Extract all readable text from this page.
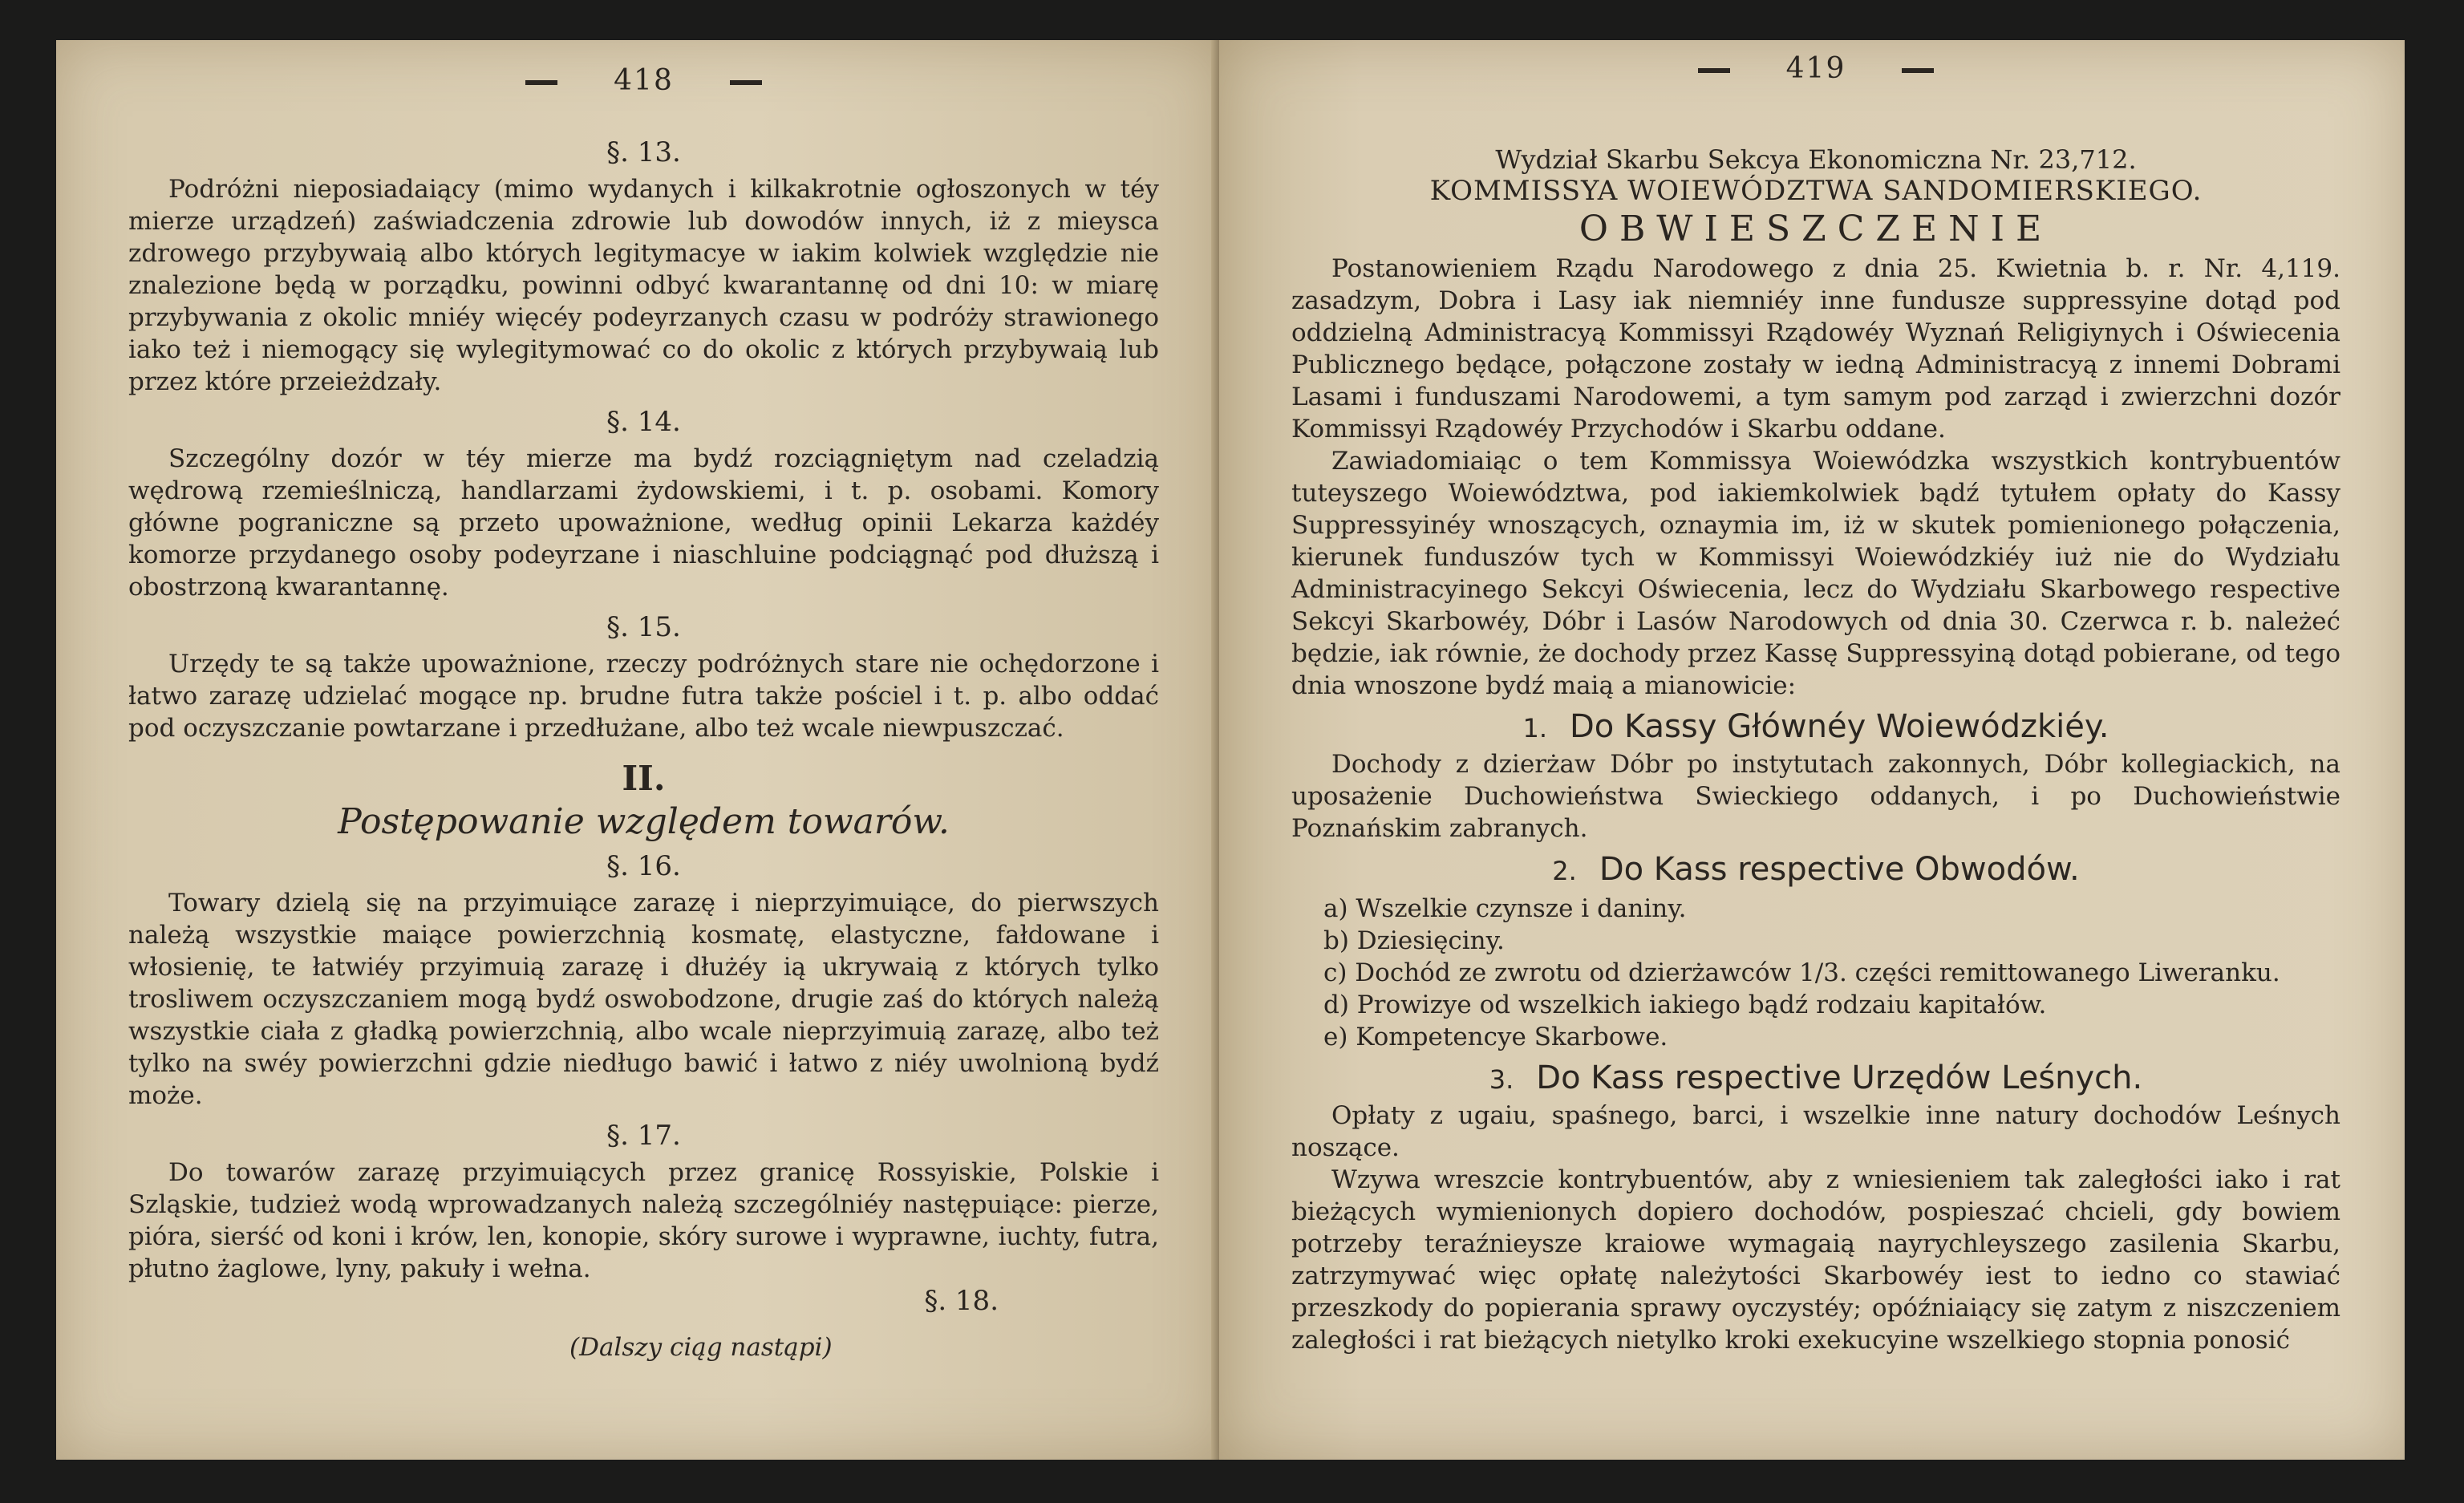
418
§. 13.

Podróżni nieposiadaiący (mimo wydanych i kilkakrotnie ogłoszonych w téy mierze urządzeń) zaświadczenia zdrowie lub dowodów innych, iż z mieysca zdrowego przybywaią albo których legitymacye w iakim kolwiek względzie nie znalezione będą w porządku, powinni odbyć kwarantannę od dni 10: w miarę przybywania z okolic mniéy więcéy podeyrzanych czasu w podróży strawionego iako też i niemogący się wylegitymować co do okolic z których przybywaią lub przez które przeieżdzały.

§. 14.

Szczególny dozór w téy mierze ma bydź rozciągniętym nad czeladzią wędrową rzemieślniczą, handlarzami żydowskiemi, i t. p. osobami. Komory główne pograniczne są przeto upoważnione, według opinii Lekarza każdéy komorze przydanego osoby podeyrzane i niaschluine podciągnąć pod dłuższą i obostrzoną kwarantannę.

§. 15.

Urzędy te są także upoważnione, rzeczy podróżnych stare nie ochędorzone i łatwo zarazę udzielać mogące np. brudne futra także pościel i t. p. albo oddać pod oczyszczanie powtarzane i przedłużane, albo też wcale niewpuszczać.

II.
Postępowanie względem towarów.
§. 16.

Towary dzielą się na przyimuiące zarazę i nieprzyimuiące, do pierwszych należą wszystkie maiące powierzchnią kosmatę, elastyczne, fałdowane i włosienię, te łatwiéy przyimuią zarazę i dłużéy ią ukrywaią z których tylko trosliwem oczyszczaniem mogą bydź oswobodzone, drugie zaś do których należą wszystkie ciała z gładką powierzchnią, albo wcale nieprzyimuią zarazę, albo też tylko na swéy powierzchni gdzie niedługo bawić i łatwo z niéy uwolnioną bydź może.

§. 17.

Do towarów zarazę przyimuiących przez granicę Rossyiskie, Polskie i Szląskie, tudzież wodą wprowadzanych należą szczególniéy następuiące: pierze, pióra, sierść od koni i krów, len, konopie, skóry surowe i wyprawne, iuchty, futra, płutno żaglowe, lyny, pakuły i wełna.

§. 18.
(Dalszy ciąg nastąpi)
419
Wydział Skarbu Sekcya Ekonomiczna Nr. 23,712.
KOMMISSYA WOIEWÓDZTWA SANDOMIERSKIEGO.
OBWIESZCZENIE

Postanowieniem Rządu Narodowego z dnia 25. Kwietnia b. r. Nr. 4,119. zasadzym, Dobra i Lasy iak niemniéy inne fundusze suppressyine dotąd pod oddzielną Administracyą Kommissyi Rządowéy Wyznań Religiynych i Oświecenia Publicznego będące, połączone zostały w iedną Administracyą z innemi Dobrami Lasami i funduszami Narodowemi, a tym samym pod zarząd i zwierzchni dozór Kommissyi Rządowéy Przychodów i Skarbu oddane.

Zawiadomiaiąc o tem Kommissya Woiewódzka wszystkich kontrybuentów tuteyszego Woiewództwa, pod iakiemkolwiek bądź tytułem opłaty do Kassy Suppressyinéy wnoszących, oznaymia im, iż w skutek pomienionego połączenia, kierunek funduszów tych w Kommissyi Woiewódzkiéy iuż nie do Wydziału Administracyinego Sekcyi Oświecenia, lecz do Wydziału Skarbowego respective Sekcyi Skarbowéy, Dóbr i Lasów Narodowych od dnia 30. Czerwca r. b. należeć będzie, iak równie, że dochody przez Kassę Suppressyiną dotąd pobierane, od tego dnia wnoszone bydź maią a mianowicie:

1. Do Kassy Głównéy Woiewódzkiéy.

Dochody z dzierżaw Dóbr po instytutach zakonnych, Dóbr kollegiackich, na uposażenie Duchowieństwa Swieckiego oddanych, i po Duchowieństwie Poznańskim zabranych.

2. Do Kass respective Obwodów.

a) Wszelkie czynsze i daniny.

b) Dziesięciny.

c) Dochód ze zwrotu od dzierżawców 1/3. części remittowanego Liweranku.

d) Prowizye od wszelkich iakiego bądź rodzaiu kapitałów.

e) Kompetencye Skarbowe.

3. Do Kass respective Urzędów Leśnych.

Opłaty z ugaiu, spaśnego, barci, i wszelkie inne natury dochodów Leśnych noszące.

Wzywa wreszcie kontrybuentów, aby z wniesieniem tak zaległości iako i rat bieżących wymienionych dopiero dochodów, pospieszać chcieli, gdy bowiem potrzeby teraźnieysze kraiowe wymagaią nayrychleyszego zasilenia Skarbu, zatrzymywać więc opłatę należytości Skarbowéy iest to iedno co stawiać przeszkody do popierania sprawy oyczystéy; opóźniaiący się zatym z niszczeniem zaległości i rat bieżących nietylko kroki exekucyine wszelkiego stopnia ponosić
